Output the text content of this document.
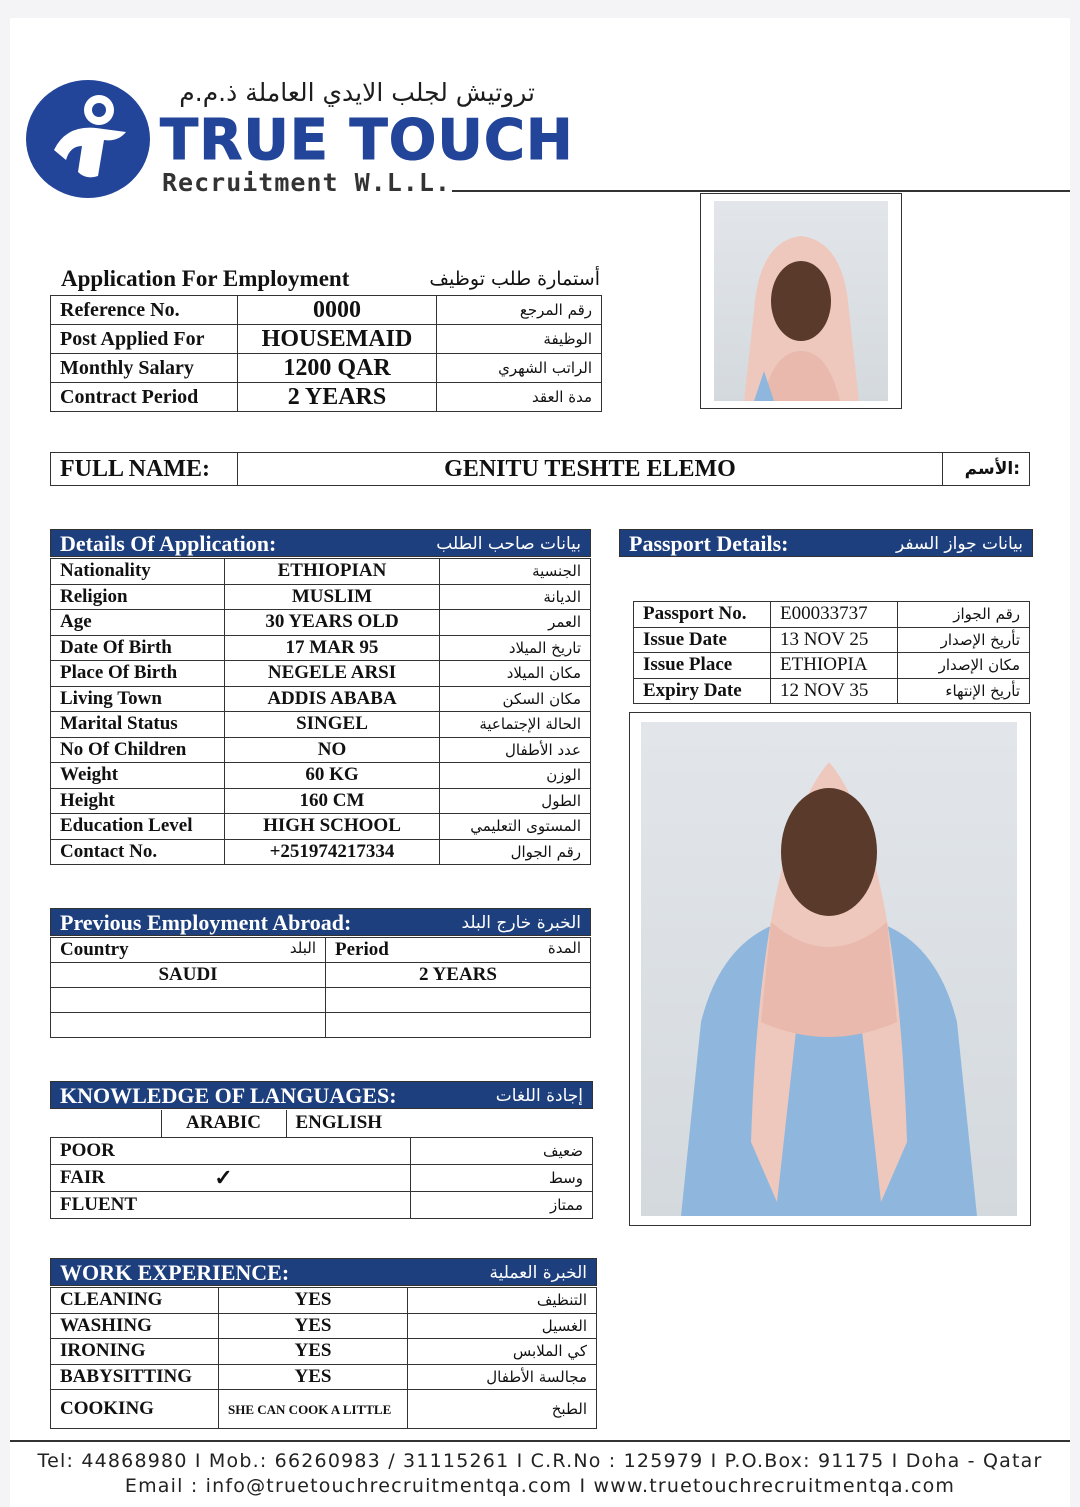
تروتيش لجلب الايدي العاملة ذ.م.م
TRUE TOUCH
Recruitment W.L.L.
Application For Employment	أستمارة طلب توظيف
Reference No.	0000	رقم المرجع
Post Applied For	HOUSEMAID	الوظيفة
Monthly Salary	1200 QAR	الراتب الشهري
Contract Period	2 YEARS	مدة العقد
FULL NAME:	GENITU TESHTE ELEMO	الأسم:
Details Of Application:	بيانات صاحب الطلب
Nationality	ETHIOPIAN	الجنسية
Religion	MUSLIM	الديانة
Age	30 YEARS OLD	العمر
Date Of Birth	17 MAR 95	تاريخ الميلاد
Place Of Birth	NEGELE ARSI	مكان الميلاد
Living Town	ADDIS ABABA	مكان السكن
Marital Status	SINGEL	الحالة الإجتماعية
No Of Children	NO	عدد الأطفال
Weight	60 KG	الوزن
Height	160 CM	الطول
Education Level	HIGH SCHOOL	المستوى التعليمي
Contact No.	+251974217334	رقم الجوال
Passport Details:	بيانات جواز السفر
Passport No.	E00033737	رقم الجواز
Issue Date	13 NOV 25	تأريخ الإصدار
Issue Place	ETHIOPIA	مكان الإصدار
Expiry Date	12 NOV 35	تأريخ الإنتهاء
Previous Employment Abroad:	الخبرة خارج البلد
Country البلد	Period المدة

SAUDI	2 YEARS

KNOWLEDGE OF LANGUAGES:	إجادة اللغات
	ARABIC	ENGLISH	
POOR			ضعيف
FAIR	✓		وسط
FLUENT			ممتاز
WORK EXPERIENCE:	الخبرة العملية
CLEANING	YES	التنظيف
WASHING	YES	الغسيل
IRONING	YES	كي الملابس
BABYSITTING	YES	مجالسة الأطفال
COOKING	SHE CAN COOK A LITTLE	الطبخ
Tel: 44868980 I Mob.: 66260983 / 31115261 I C.R.No : 125979 I P.O.Box: 91175 I Doha - Qatar
Email : info@truetouchrecruitmentqa.com I www.truetouchrecruitmentqa.com
